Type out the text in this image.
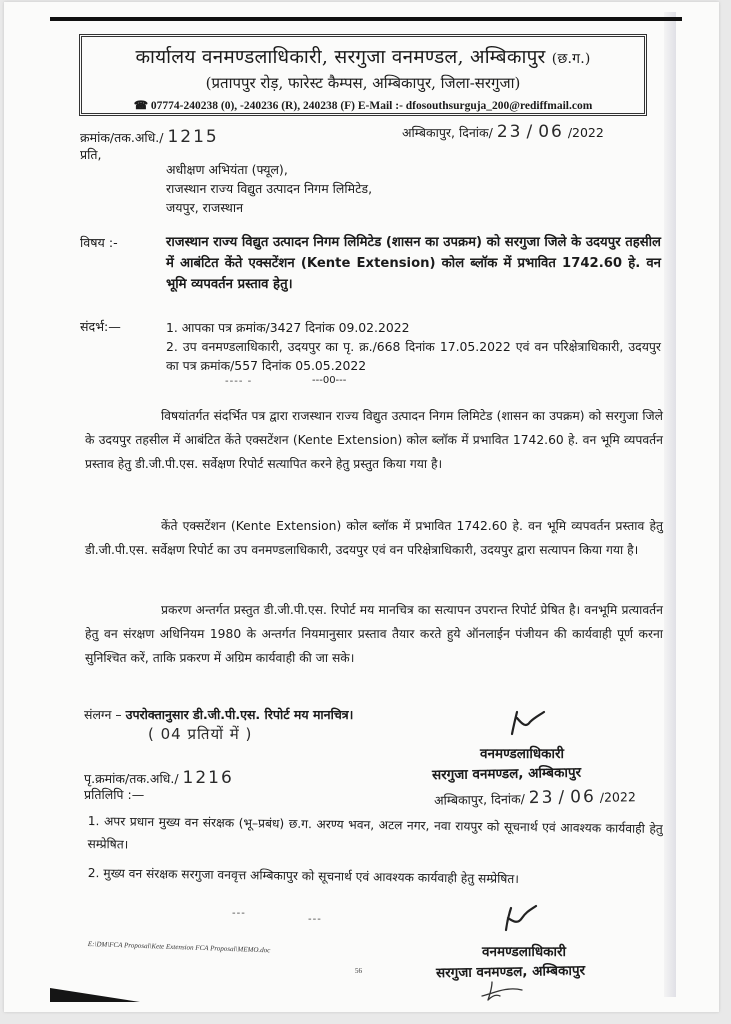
कार्यालय वनमण्डलाधिकारी, सरगुजा वनमण्डल, अम्बिकापुर (छ.ग.)
(प्रतापपुर रोड़, फारेस्ट कैम्पस, अम्बिकापुर, जिला-सरगुजा)
☎ 07774-240238 (0), -240236 (R), 240238 (F) E-Mail :- dfosouthsurguja_200@rediffmail.com
क्रमांक/तक.अधि./ 1215	अम्बिकापुर, दिनांक/ 23 / 06 /2022
प्रति,
अधीक्षण अभियंता (फ्यूल),
राजस्थान राज्य विद्युत उत्पादन निगम लिमिटेड,
जयपुर, राजस्थान
विषय :-	राजस्थान राज्य विद्युत उत्पादन निगम लिमिटेड (शासन का उपक्रम) को सरगुजा जिले के उदयपुर तहसील में आबंटित केंते एक्सटेंशन (Kente Extension) कोल ब्लॉक में प्रभावित 1742.60 हे. वन भूमि व्यपवर्तन प्रस्ताव हेतु।
संदर्भ:—	1. आपका पत्र क्रमांक/3427 दिनांक 09.02.2022
2. उप वनमण्डलाधिकारी, उदयपुर का पृ. क्र./668 दिनांक 17.05.2022 एवं वन परिक्षेत्राधिकारी, उदयपुर का पत्र क्रमांक/557 दिनांक 05.05.2022
---- -	---00---
विषयांतर्गत संदर्भित पत्र द्वारा राजस्थान राज्य विद्युत उत्पादन निगम लिमिटेड (शासन का उपक्रम) को सरगुजा जिले के उदयपुर तहसील में आबंटित केंते एक्सटेंशन (Kente Extension) कोल ब्लॉक में प्रभावित 1742.60 हे. वन भूमि व्यपवर्तन प्रस्ताव हेतु डी.जी.पी.एस. सर्वेक्षण रिपोर्ट सत्यापित करने हेतु प्रस्तुत किया गया है।
केंते एक्सटेंशन (Kente Extension) कोल ब्लॉक में प्रभावित 1742.60 हे. वन भूमि व्यपवर्तन प्रस्ताव हेतु डी.जी.पी.एस. सर्वेक्षण रिपोर्ट का उप वनमण्डलाधिकारी, उदयपुर एवं वन परिक्षेत्राधिकारी, उदयपुर द्वारा सत्यापन किया गया है।
प्रकरण अन्तर्गत प्रस्तुत डी.जी.पी.एस. रिपोर्ट मय मानचित्र का सत्यापन उपरान्त रिपोर्ट प्रेषित है। वनभूमि प्रत्यावर्तन हेतु वन संरक्षण अधिनियम 1980 के अन्तर्गत नियमानुसार प्रस्ताव तैयार करते हुये ऑनलाईन पंजीयन की कार्यवाही पूर्ण करना सुनिश्चित करें, ताकि प्रकरण में अग्रिम कार्यवाही की जा सके।
संलग्न – उपरोक्तानुसार डी.जी.पी.एस. रिपोर्ट मय मानचित्र।
( 04 प्रतियों में )
वनमण्डलाधिकारी
सरगुजा वनमण्डल, अम्बिकापुर
पृ.क्रमांक/तक.अधि./ 1216
प्रतिलिपि :—	अम्बिकापुर, दिनांक/ 23 / 06 /2022
1. अपर प्रधान मुख्य वन संरक्षक (भू–प्रबंध) छ.ग. अरण्य भवन, अटल नगर, नवा रायपुर को सूचनार्थ एवं आवश्यक कार्यवाही हेतु सम्प्रेषित।
2. मुख्य वन संरक्षक सरगुजा वनवृत्त अम्बिकापुर को सूचनार्थ एवं आवश्यक कार्यवाही हेतु सम्प्रेषित।
---
---
वनमण्डलाधिकारी
सरगुजा वनमण्डल, अम्बिकापुर
E:\DM\FCA Proposal\Kete Extension FCA Proposal\MEMO.doc
56
